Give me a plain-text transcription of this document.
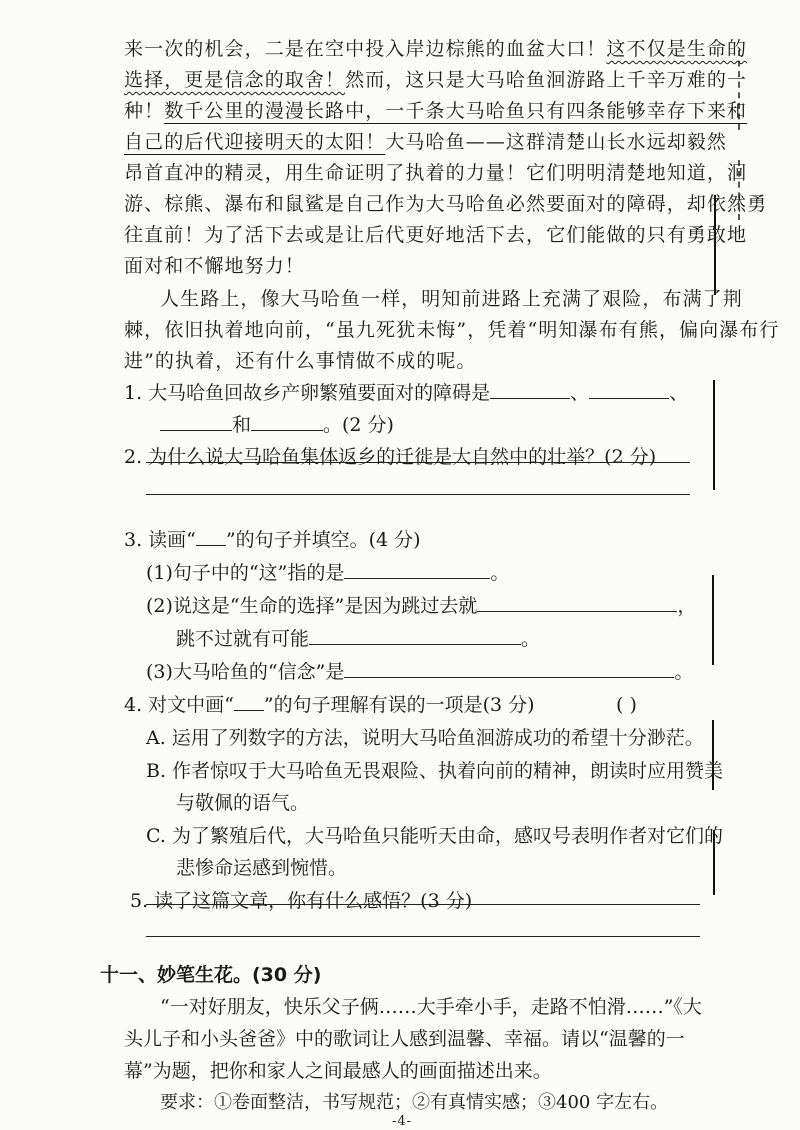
来一次的机会，二是在空中投入岸边棕熊的血盆大口！这不仅是生命的
选择，更是信念的取舍！然而，这只是大马哈鱼洄游路上千辛万难的一
种！数千公里的漫漫长路中，一千条大马哈鱼只有四条能够幸存下来和
自己的后代迎接明天的太阳！大马哈鱼——这群清楚山长水远却毅然
昂首直冲的精灵，用生命证明了执着的力量！它们明明清楚地知道，洄
游、棕熊、瀑布和鼠鲨是自己作为大马哈鱼必然要面对的障碍，却依然勇
往直前！为了活下去或是让后代更好地活下去，它们能做的只有勇敢地
面对和不懈地努力！
人生路上，像大马哈鱼一样，明知前进路上充满了艰险，布满了荆
棘，依旧执着地向前，“虽九死犹未悔”，凭着“明知瀑布有熊，偏向瀑布行
进”的执着，还有什么事情做不成的呢。
1. 大马哈鱼回故乡产卵繁殖要面对的障碍是	、	、
和	。(2 分)
2. 为什么说大马哈鱼集体返乡的迁徙是大自然中的壮举？(2 分)
3. 读画“ ”的句子并填空。(4 分)
(1)句子中的“这”指的是	。
(2)说这是“生命的选择”是因为跳过去就	，
跳不过就有可能	。
(3)大马哈鱼的“信念”是	。
4. 对文中画“ ”的句子理解有误的一项是(3 分)	( )
A. 运用了列数字的方法，说明大马哈鱼洄游成功的希望十分渺茫。
B. 作者惊叹于大马哈鱼无畏艰险、执着向前的精神，朗读时应用赞美
与敬佩的语气。
C. 为了繁殖后代，大马哈鱼只能听天由命，感叹号表明作者对它们的
悲惨命运感到惋惜。
5. 读了这篇文章，你有什么感悟？(3 分)
十一、妙笔生花。(30 分)
“一对好朋友，快乐父子俩……大手牵小手，走路不怕滑……”《大
头儿子和小头爸爸》中的歌词让人感到温馨、幸福。请以“温馨的一
幕”为题，把你和家人之间最感人的画面描述出来。
要求：①卷面整洁，书写规范；②有真情实感；③400 字左右。
-4-
